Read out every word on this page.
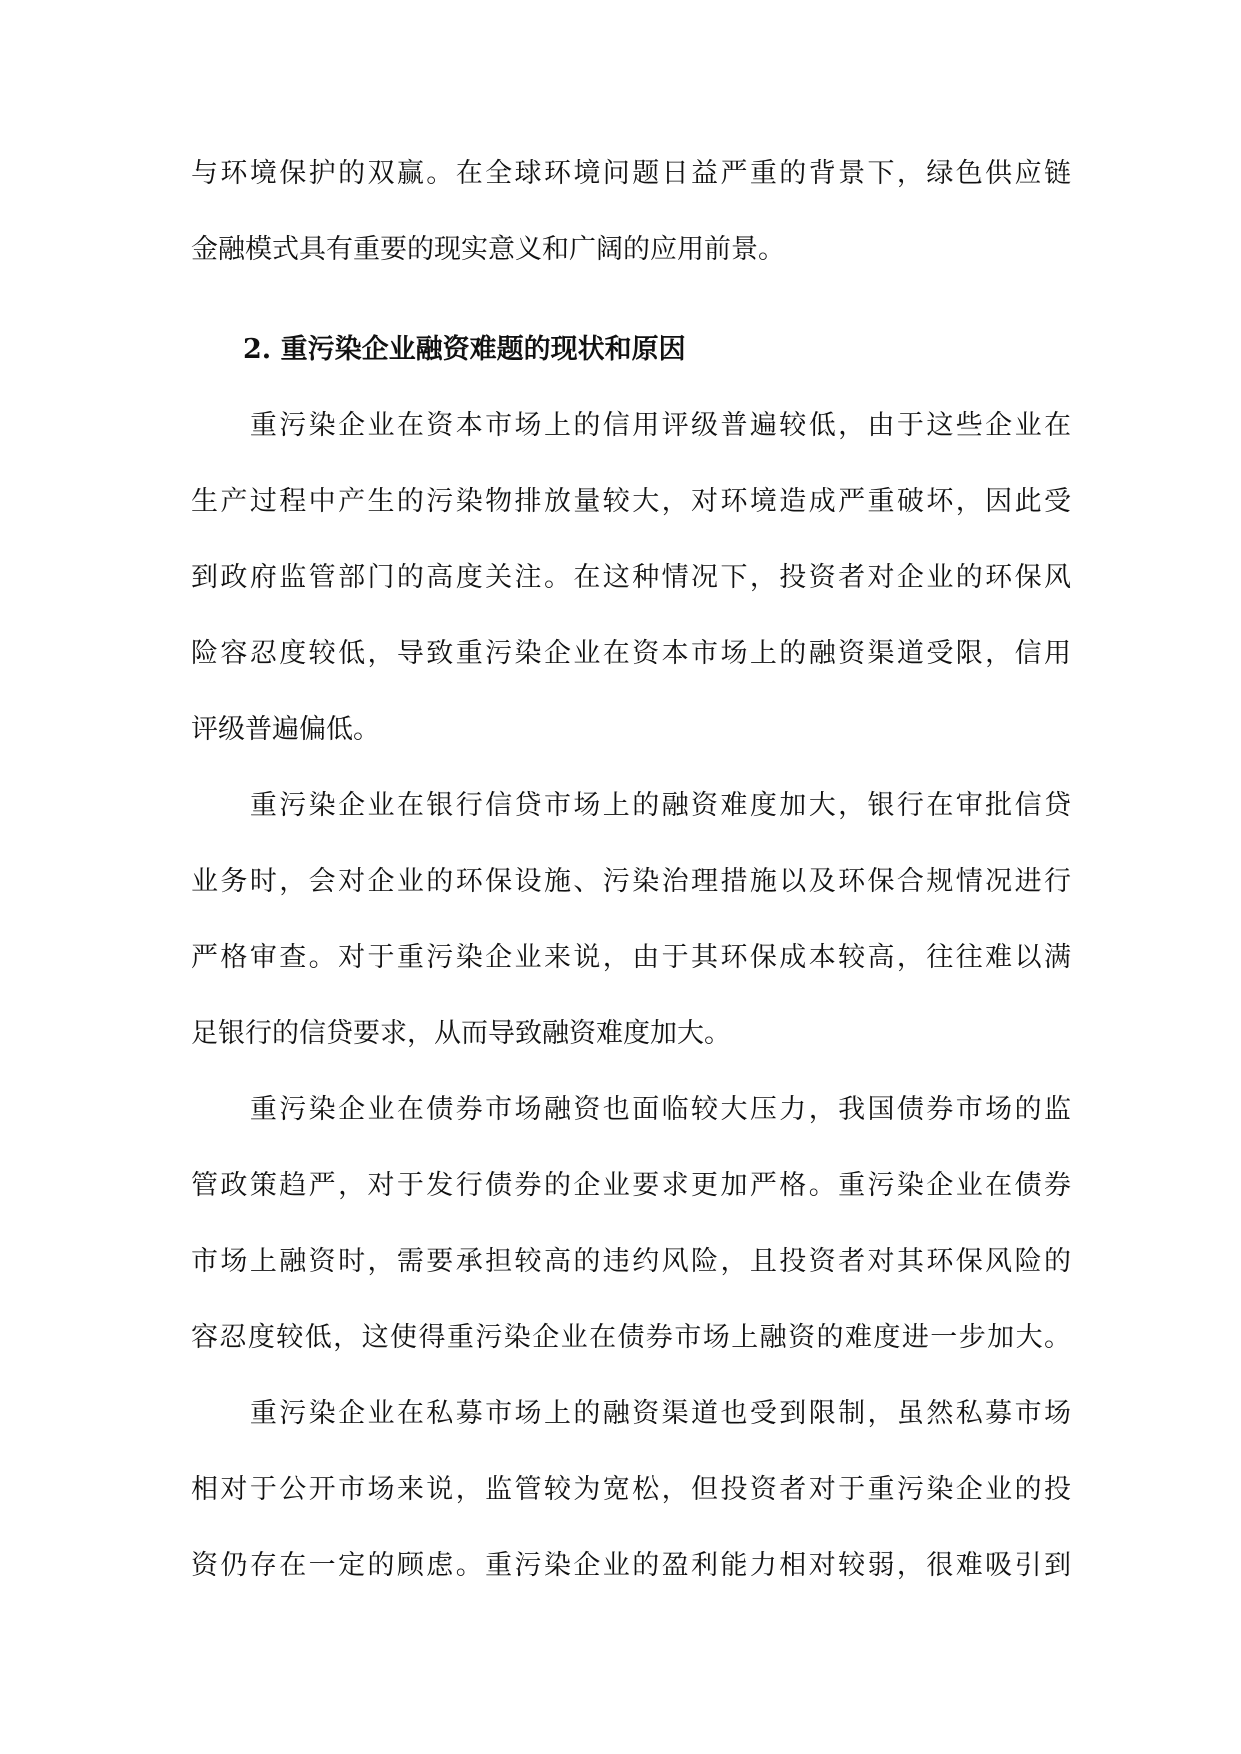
与环境保护的双赢。在全球环境问题日益严重的背景下，绿色供应链
金融模式具有重要的现实意义和广阔的应用前景。
2. 重污染企业融资难题的现状和原因
　　重污染企业在资本市场上的信用评级普遍较低，由于这些企业在
生产过程中产生的污染物排放量较大，对环境造成严重破坏，因此受
到政府监管部门的高度关注。在这种情况下，投资者对企业的环保风
险容忍度较低，导致重污染企业在资本市场上的融资渠道受限，信用
评级普遍偏低。
　　重污染企业在银行信贷市场上的融资难度加大，银行在审批信贷
业务时，会对企业的环保设施、污染治理措施以及环保合规情况进行
严格审查。对于重污染企业来说，由于其环保成本较高，往往难以满
足银行的信贷要求，从而导致融资难度加大。
　　重污染企业在债券市场融资也面临较大压力，我国债券市场的监
管政策趋严，对于发行债券的企业要求更加严格。重污染企业在债券
市场上融资时，需要承担较高的违约风险，且投资者对其环保风险的
容忍度较低，这使得重污染企业在债券市场上融资的难度进一步加大。
　　重污染企业在私募市场上的融资渠道也受到限制，虽然私募市场
相对于公开市场来说，监管较为宽松，但投资者对于重污染企业的投
资仍存在一定的顾虑。重污染企业的盈利能力相对较弱，很难吸引到
